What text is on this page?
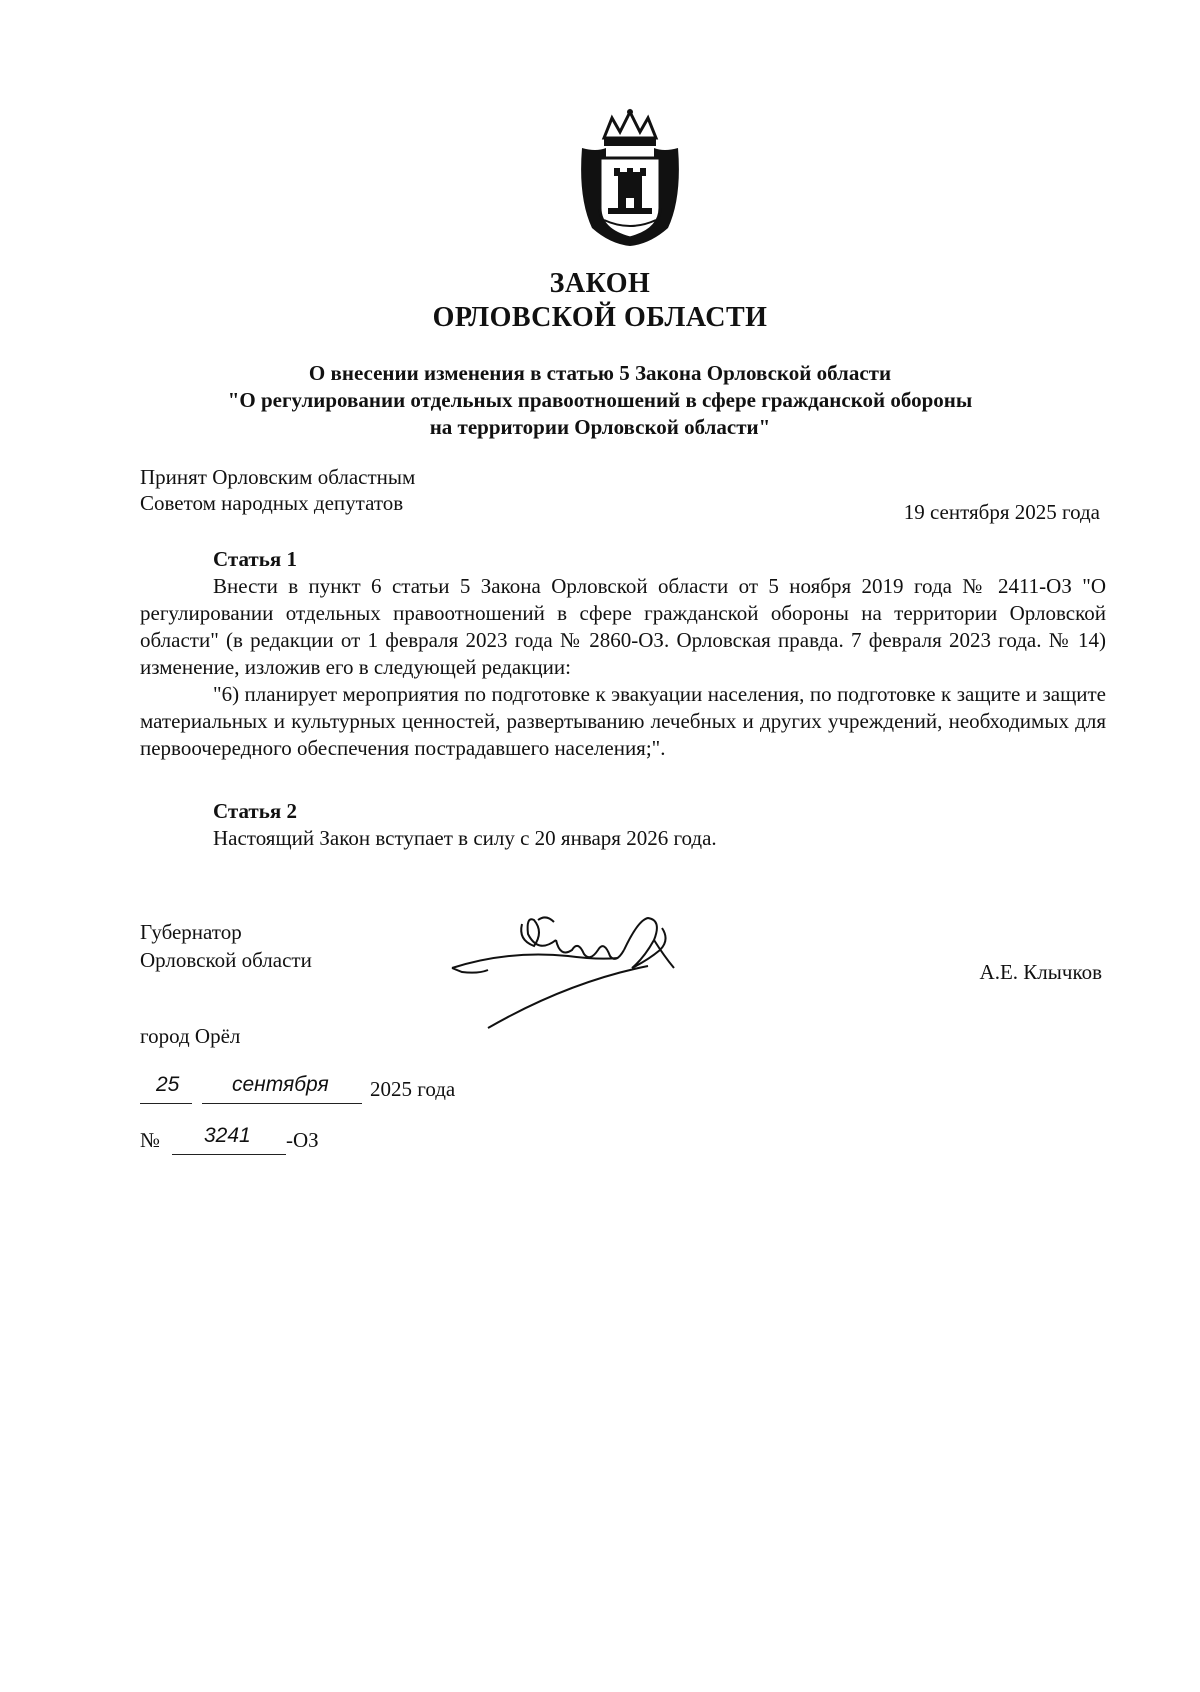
ЗАКОН
ОРЛОВСКОЙ ОБЛАСТИ
О внесении изменения в статью 5 Закона Орловской области
"О регулировании отдельных правоотношений в сфере гражданской обороны
на территории Орловской области"
Принят Орловским областным
Советом народных депутатов	19 сентября 2025 года
Статья 1

Внести в пункт 6 статьи 5 Закона Орловской области от 5 ноября 2019 года № 2411-ОЗ "О регулировании отдельных правоотношений в сфере гражданской обороны на территории Орловской области" (в редакции от 1 февраля 2023 года № 2860-ОЗ. Орловская правда. 7 февраля 2023 года. № 14) изменение, изложив его в следующей редакции:

"6) планирует мероприятия по подготовке к эвакуации населения, по подготовке к защите и защите материальных и культурных ценностей, развертыванию лечебных и других учреждений, необходимых для первоочередного обеспечения пострадавшего населения;".

Статья 2

Настоящий Закон вступает в силу с 20 января 2026 года.

Губернатор
Орловской области	А.Е. Клычков
город Орёл
25	сентября 2025 года
№ 3241 -ОЗ
